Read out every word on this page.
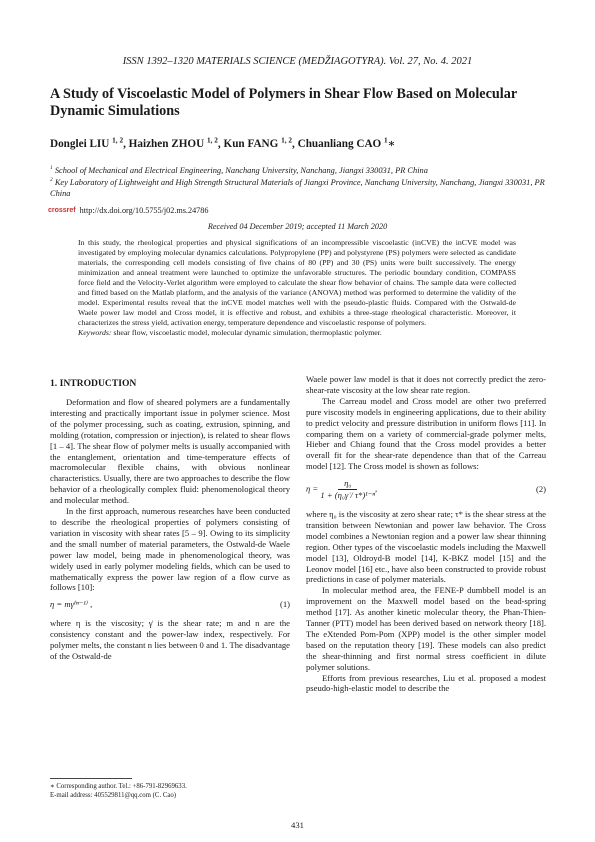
ISSN 1392–1320 MATERIALS SCIENCE (MEDŽIAGOTYRA). Vol. 27, No. 4. 2021
A Study of Viscoelastic Model of Polymers in Shear Flow Based on Molecular Dynamic Simulations
Donglei LIU $^{1, 2}$, Haizhen ZHOU $^{1, 2}$, Kun FANG $^{1, 2}$, Chuanliang CAO $^1$∗
$^1$ School of Mechanical and Electrical Engineering, Nanchang University, Nanchang, Jiangxi 330031, PR China
$^2$ Key Laboratory of Lightweight and High Strength Structural Materials of Jiangxi Province, Nanchang University, Nanchang, Jiangxi 330031, PR China
crossref http://dx.doi.org/10.5755/j02.ms.24786
Received 04 December 2019; accepted 11 March 2020
In this study, the rheological properties and physical significations of an incompressible viscoelastic (inCVE) the inCVE model was investigated by employing molecular dynamics calculations. Polypropylene (PP) and polystyrene (PS) polymers were selected as candidate materials, the corresponding cell models consisting of five chains of 80 (PP) and 30 (PS) units were built successively. The energy minimization and anneal treatment were launched to optimize the unfavorable structures. The periodic boundary condition, COMPASS force field and the Velocity-Verlet algorithm were employed to calculate the shear flow behavior of chains. The sample data were collected and fitted based on the Matlab platform, and the analysis of the variance (ANOVA) method was performed to determine the validity of the model. Experimental results reveal that the inCVE model matches well with the pseudo-plastic fluids. Compared with the Ostwald-de Waele power law model and Cross model, it is effective and robust, and exhibits a three-stage rheological characteristic. Moreover, it characterizes the stress yield, activation energy, temperature dependence and viscoelastic response of polymers.
Keywords: shear flow, viscoelastic model, molecular dynamic simulation, thermoplastic polymer.
1. INTRODUCTION

Deformation and flow of sheared polymers are a fundamentally interesting and practically important issue in polymer science. Most of the polymer processing, such as coating, extrusion, spinning, and molding (rotation, compression or injection), is related to shear flows [1 – 4]. The shear flow of polymer melts is usually accompanied with the entanglement, orientation and time-temperature effects of macromolecular flexible chains, with obvious nonlinear characteristics. Usually, there are two approaches to describe the flow behavior of a rheologically complex fluid: phenomenological theory and molecular method.

In the first approach, numerous researches have been conducted to describe the rheological properties of polymers consisting of variation in viscosity with shear rates [5 – 9]. Owing to its simplicity and the small number of material parameters, the Ostwald-de Waele power law model, being made in phenomenological theory, was widely used in early polymer modeling fields, which can be used to mathematically express the power law region of a flow curve as follows [10]:

η = mγ̇⁽ⁿ⁻¹⁾ ,	(1)

where η is the viscosity; γ̇ is the shear rate; m and n are the consistency constant and the power-law index, respectively. For polymer melts, the constant n lies between 0 and 1. The disadvantage of the Ostwald-de

Waele power law model is that it does not correctly predict the zero-shear-rate viscosity at the low shear rate region.

The Carreau model and Cross model are other two preferred pure viscosity models in engineering applications, due to their ability to predict velocity and pressure distribution in uniform flows [11]. In comparing them on a variety of commercial-grade polymer melts, Hieber and Chiang found that the Cross model provides a better overall fit for the shear-rate dependence than that of the Carreau model [12]. The Cross model is shown as follows:

$\eta = \frac{\text{η₀}}{\text{1 + (η₀γ̇ / τ*)¹⁻ⁿ}}$ ,	(2)

where η₀ is the viscosity at zero shear rate; τ* is the shear stress at the transition between Newtonian and power law behavior. The Cross model combines a Newtonian region and a power law shear thinning region. Other types of the viscoelastic models including the Maxwell model [13], Oldroyd-B model [14], K-BKZ model [15] and the Leonov model [16] etc., have also been constructed to provide robust predictions in case of polymer materials.

In molecular method area, the FENE-P dumbbell model is an improvement on the Maxwell model based on the bead-spring method [17]. As another kinetic molecular theory, the Phan-Thien-Tanner (PTT) model has been derived based on network theory [18]. The eXtended Pom-Pom (XPP) model is the other simpler model based on the reputation theory [19]. These models can also predict the shear-thinning and first normal stress coefficient in dilute polymer solutions.

Efforts from previous researches, Liu et al. proposed a modest pseudo-high-elastic model to describe the

∗ Corresponding author. Tel.: +86-791-82969633.
E-mail address: 405529811@qq.com (C. Cao)
431
